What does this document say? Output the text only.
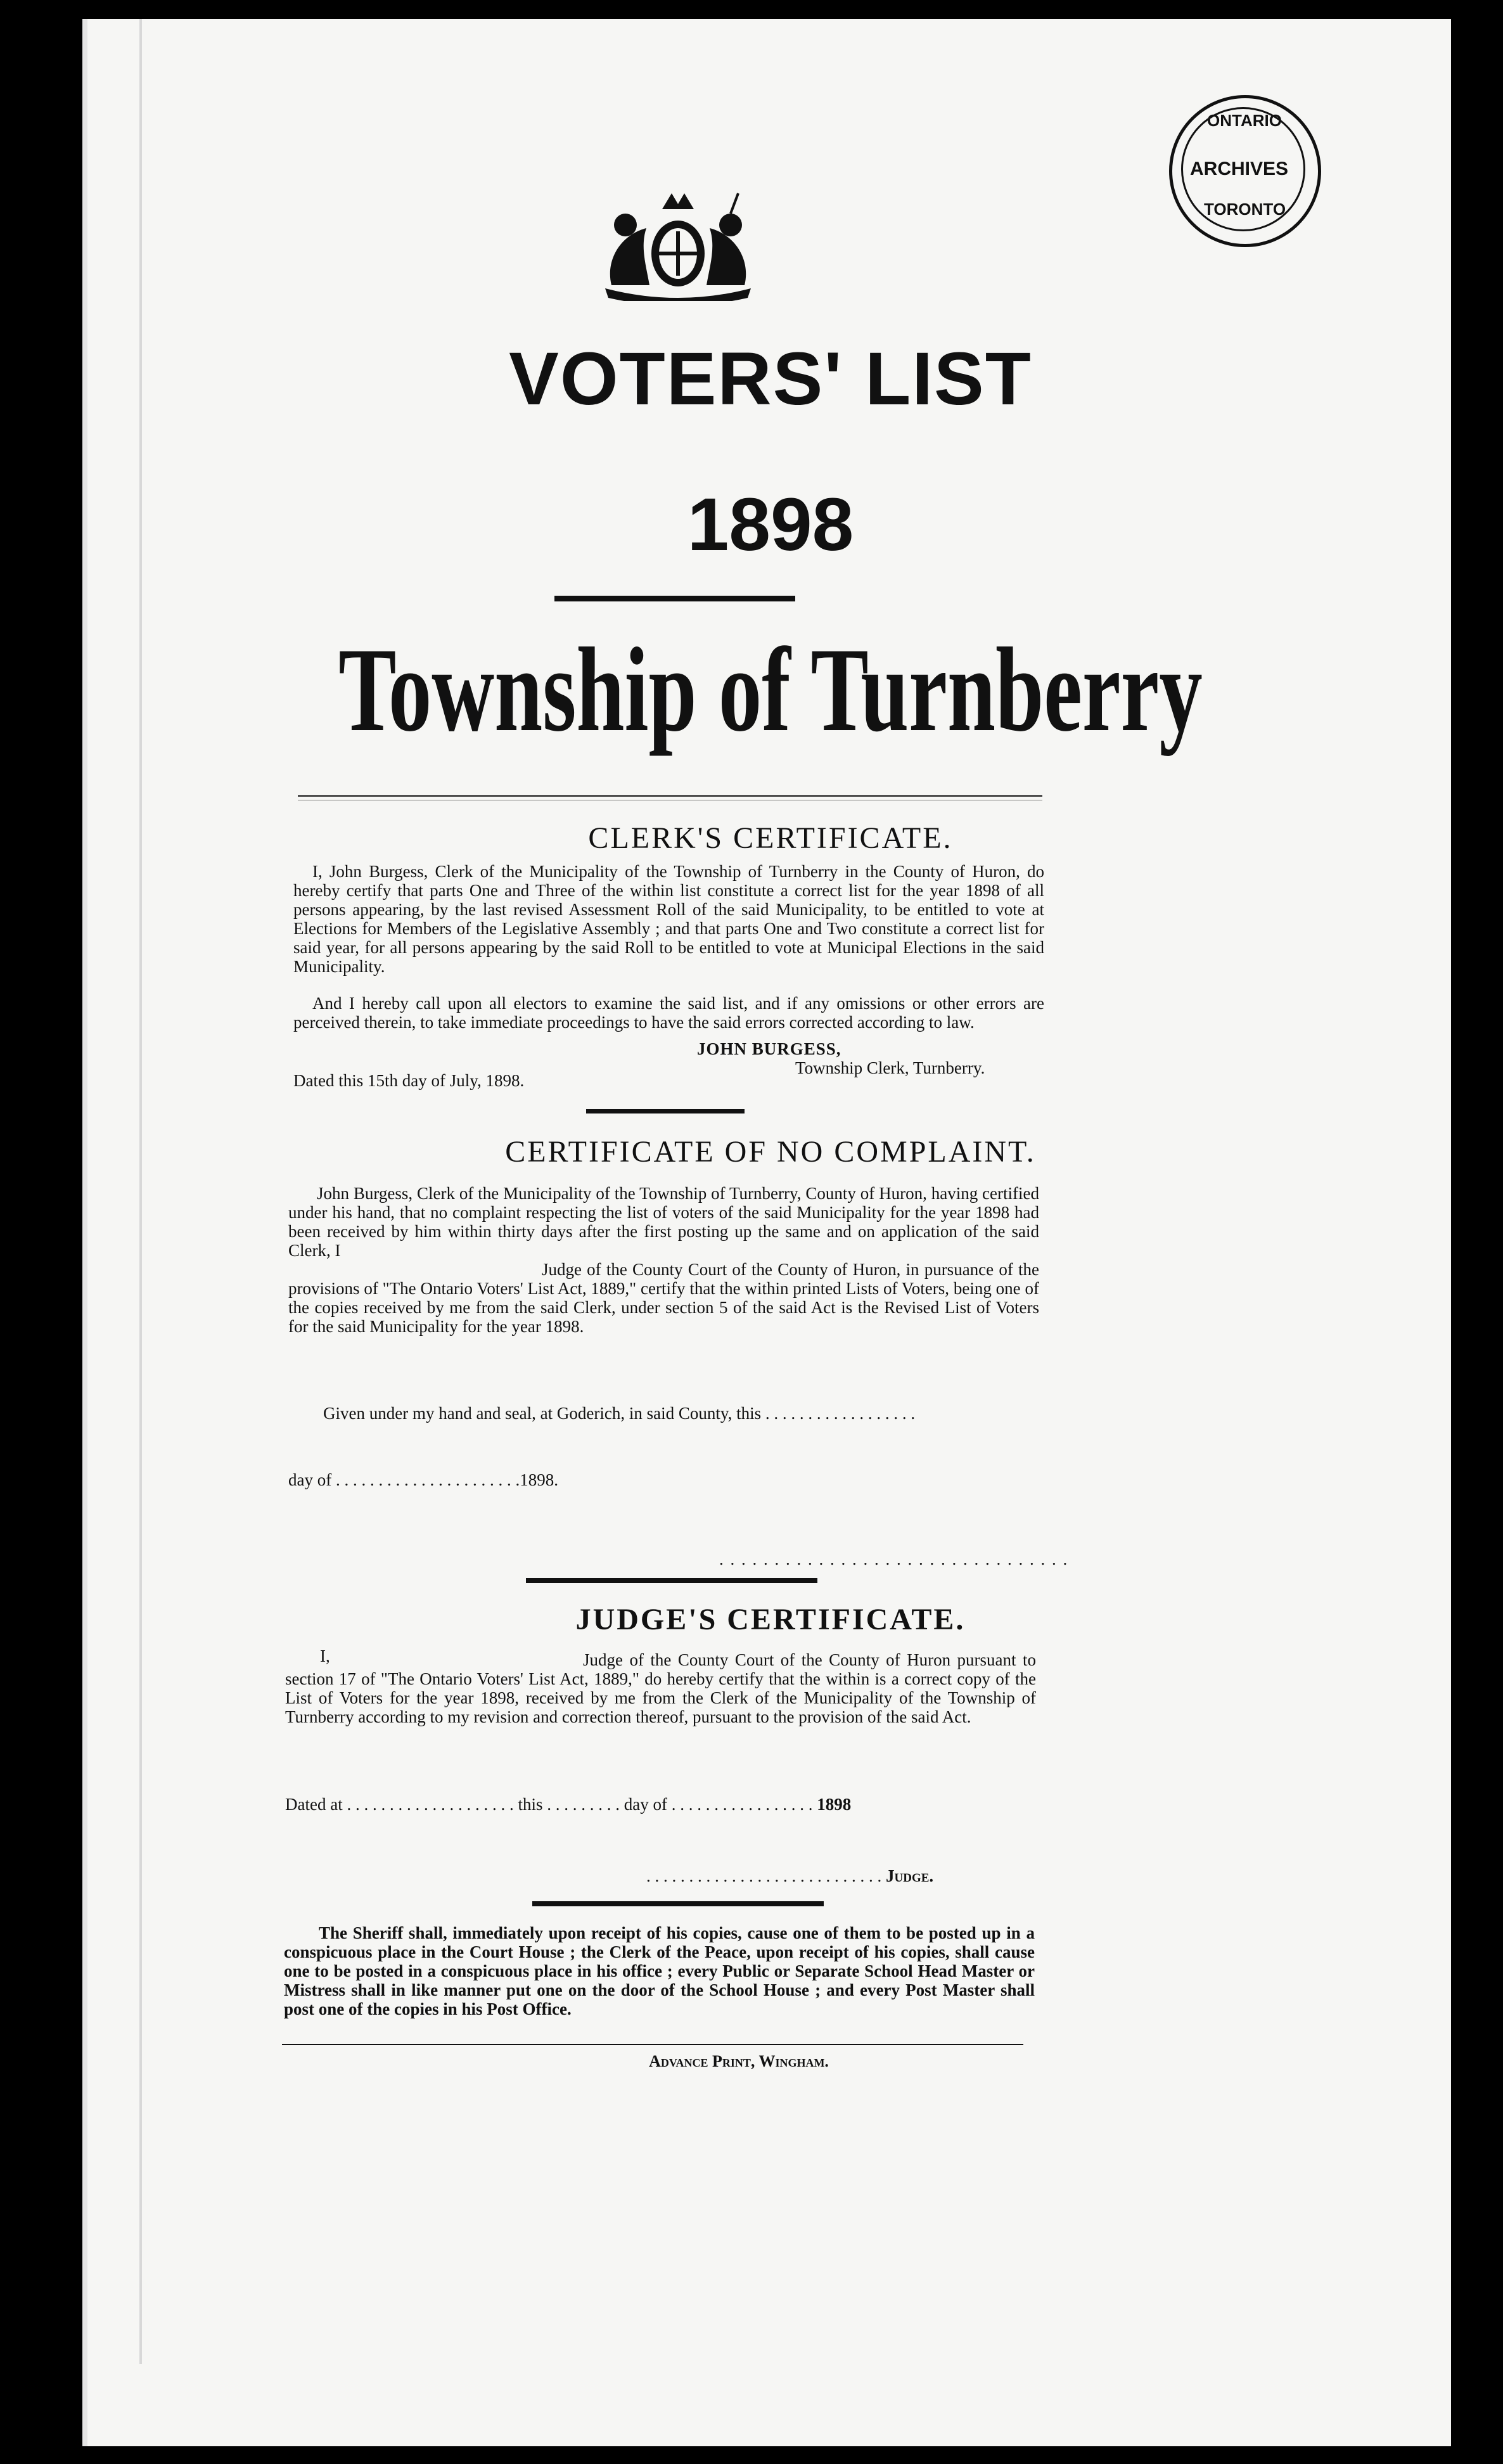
ONTARIO
ARCHIVES
TORONTO
VOTERS' LIST
1898
Township of Turnberry
CLERK'S CERTIFICATE.
I, John Burgess, Clerk of the Municipality of the Township of Turnberry in the County of Huron, do hereby certify that parts One and Three of the within list constitute a correct list for the year 1898 of all persons appearing, by the last revised Assessment Roll of the said Municipality, to be entitled to vote at Elections for Members of the Legislative Assembly ; and that parts One and Two constitute a correct list for said year, for all persons appearing by the said Roll to be entitled to vote at Municipal Elections in the said Municipality.
And I hereby call upon all electors to examine the said list, and if any omissions or other errors are perceived therein, to take immediate proceedings to have the said errors corrected according to law.
JOHN BURGESS,
Township Clerk, Turnberry.
Dated this 15th day of July, 1898.
CERTIFICATE OF NO COMPLAINT.
John Burgess, Clerk of the Municipality of the Township of Turnberry, County of Huron, having certified under his hand, that no complaint respecting the list of voters of the said Municipality for the year 1898 had been received by him within thirty days after the first posting up the same and on application of the said Clerk, I
Judge of the County Court of the County of Huron, in pursuance of the provisions of "The Ontario Voters' List Act, 1889," certify that the within printed Lists of Voters, being one of the copies received by me from the said Clerk, under section 5 of the said Act is the Revised List of Voters for the said Municipality for the year 1898.
Given under my hand and seal, at Goderich, in said County, this . . . . . . . . . . . . . . . . . .
day of . . . . . . . . . . . . . . . . . . . . . .1898.
. . . . . . . . . . . . . . . . . . . . . . . . . . . . . . . .
JUDGE'S CERTIFICATE.
I,	Judge of the County Court of the County of Huron pursuant to section 17 of "The Ontario Voters' List Act, 1889," do hereby certify that the within is a correct copy of the List of Voters for the year 1898, received by me from the Clerk of the Municipality of the Township of Turnberry according to my revision and correction thereof, pursuant to the provision of the said Act.
Dated at . . . . . . . . . . . . . . . . . . . . this . . . . . . . . . day of . . . . . . . . . . . . . . . . . 1898
. . . . . . . . . . . . . . . . . . . . . . . . . . . . Judge.
The Sheriff shall, immediately upon receipt of his copies, cause one of them to be posted up in a conspicuous place in the Court House ; the Clerk of the Peace, upon receipt of his copies, shall cause one to be posted in a conspicuous place in his office ; every Public or Separate School Head Master or Mistress shall in like manner put one on the door of the School House ; and every Post Master shall post one of the copies in his Post Office.
Advance Print, Wingham.
